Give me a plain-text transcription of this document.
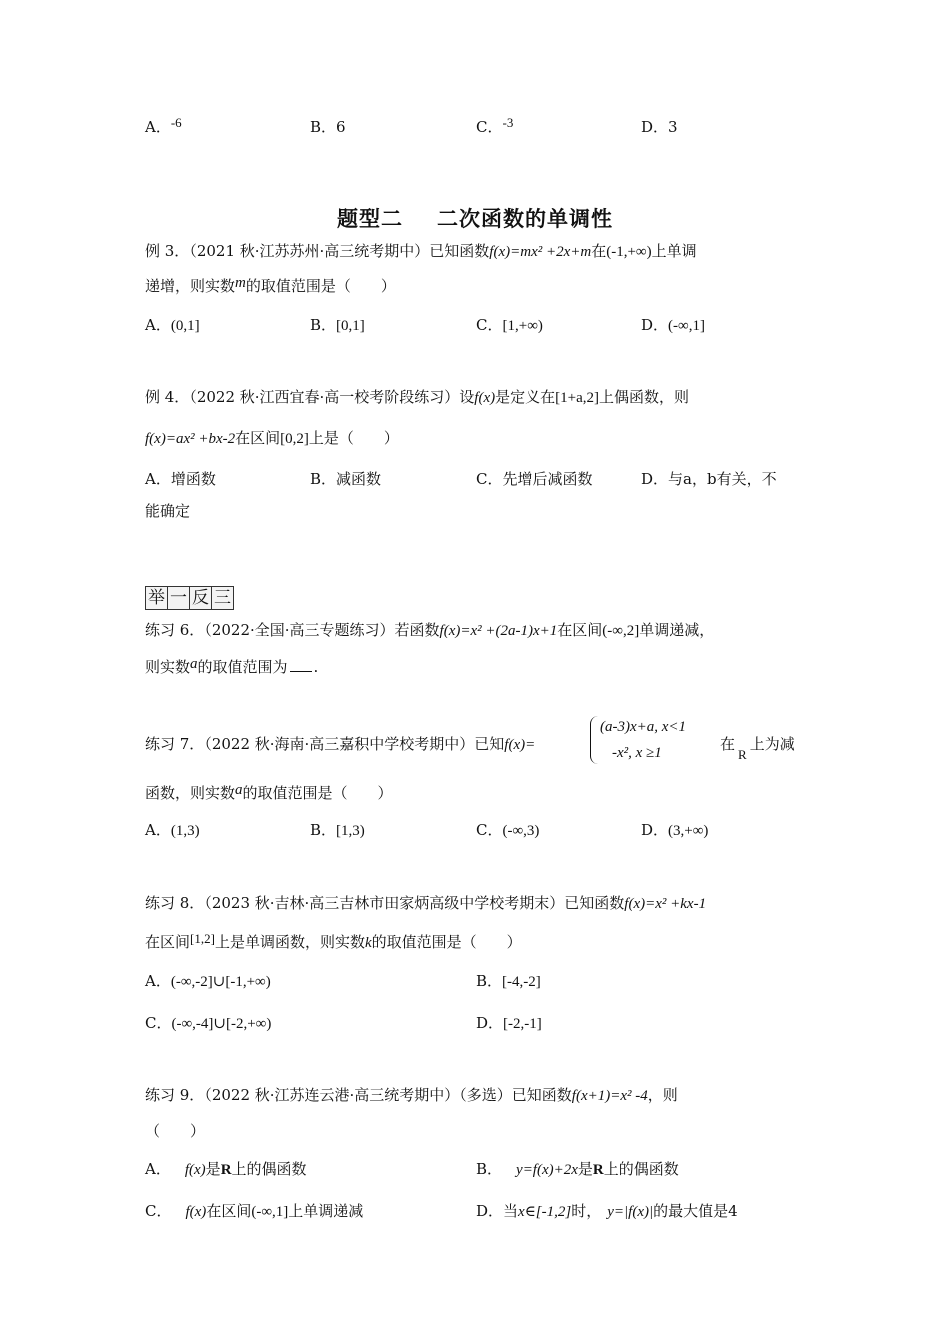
A．-6	B．6	C．-3	D．3
题型二 二次函数的单调性
例 3．（2021 秋·江苏苏州·高三统考期中）已知函数f(x)=mx² +2x+m在(-1,+∞)上单调
递增，则实数m的取值范围是（　　）
A．(0,1]	B．[0,1]	C．[1,+∞)	D．(-∞,1]
例 4．（2022 秋·江西宜春·高一校考阶段练习）设f(x)是定义在[1+a,2]上偶函数，则
f(x)=ax² +bx-2在区间[0,2]上是（　　）
A．增函数	B．减函数	C．先增后减函数	D．与a，b有关，不
能确定
举 一 反 三
练习 6．（2022·全国·高三专题练习）若函数f(x)=x² +(2a-1)x+1在区间(-∞,2]单调递减，
则实数a的取值范围为 .
练习 7．（2022 秋·海南·高三嘉积中学校考期中）已知f(x)=
(a-3)x+a, x<1
-x², x ≥1	在R上为减
函数，则实数a的取值范围是（　　）
A．(1,3)	B．[1,3)	C．(-∞,3)	D．(3,+∞)
练习 8．（2023 秋·吉林·高三吉林市田家炳高级中学校考期末）已知函数f(x)=x² +kx-1
在区间[1,2]上是单调函数，则实数k的取值范围是（　　）
A．(-∞,-2]∪[-1,+∞)	B．[-4,-2]
C．(-∞,-4]∪[-2,+∞)	D．[-2,-1]
练习 9．（2022 秋·江苏连云港·高三统考期中）（多选）已知函数f(x+1)=x² -4，则
（　　）
A． f(x)是R上的偶函数	B． y=f(x)+2x是R上的偶函数
C． f(x)在区间(-∞,1]上单调递减	D．当x∈[-1,2]时， y=|f(x)|的最大值是4
